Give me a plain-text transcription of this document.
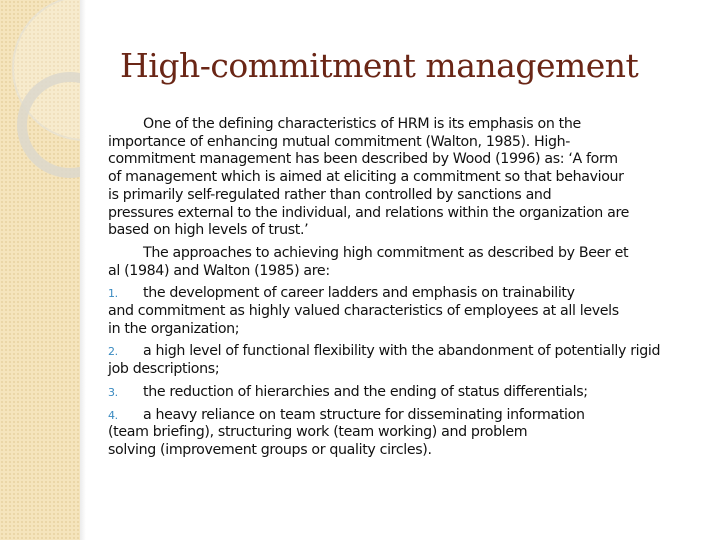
High-commitment management
One of the defining characteristics of HRM is its emphasis on the
importance of enhancing mutual commitment (Walton, 1985). High-
commitment management has been described by Wood (1996) as: ‘A form
of management which is aimed at eliciting a commitment so that behaviour
is primarily self-regulated rather than controlled by sanctions and
pressures external to the individual, and relations within the organization are
based on high levels of trust.’
The approaches to achieving high commitment as described by Beer et
al (1984) and Walton (1985) are:
1. the development of career ladders and emphasis on trainability
and commitment as highly valued characteristics of employees at all levels
in the organization;
2. a high level of functional flexibility with the abandonment of potentially rigid
job descriptions;
3. the reduction of hierarchies and the ending of status differentials;
4. a heavy reliance on team structure for disseminating information
(team briefing), structuring work (team working) and problem
solving (improvement groups or quality circles).
